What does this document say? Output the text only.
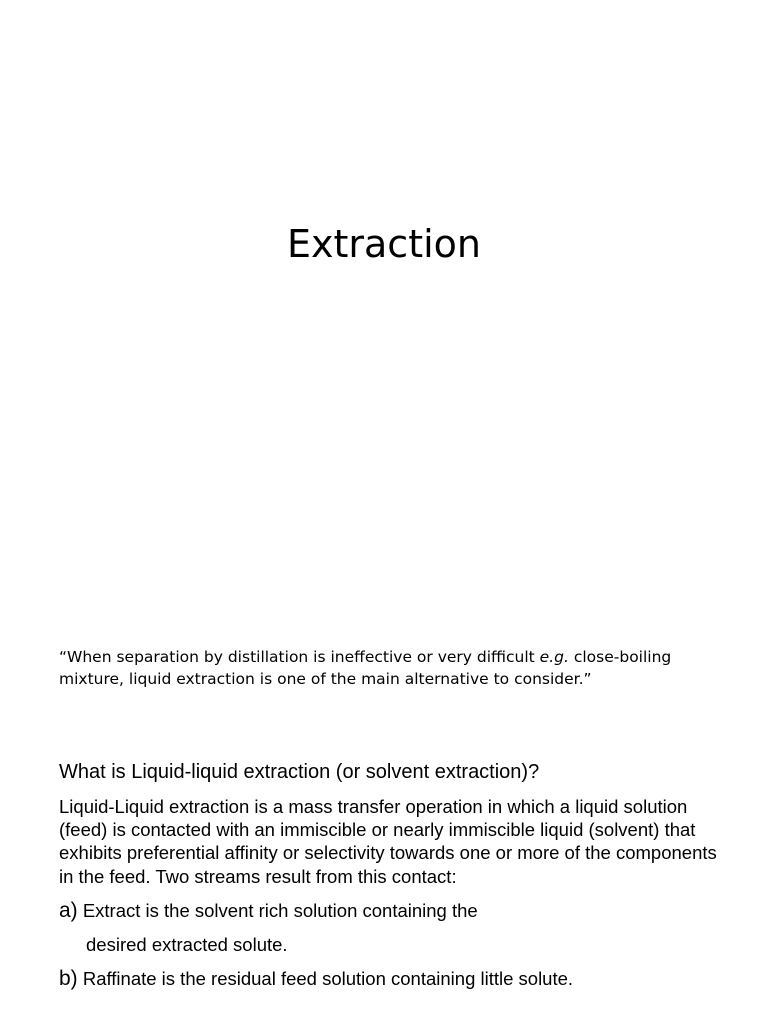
Extraction
“When separation by distillation is ineffective or very difficult e.g. close-boiling mixture, liquid extraction is one of the main alternative to consider.”
What is Liquid-liquid extraction (or solvent extraction)?
Liquid-Liquid extraction is a mass transfer operation in which a liquid solution (feed) is contacted with an immiscible or nearly immiscible liquid (solvent) that exhibits preferential affinity or selectivity towards one or more of the components in the feed. Two streams result from this contact:
a) Extract is the solvent rich solution containing the
desired extracted solute.
b) Raffinate is the residual feed solution containing little solute.
